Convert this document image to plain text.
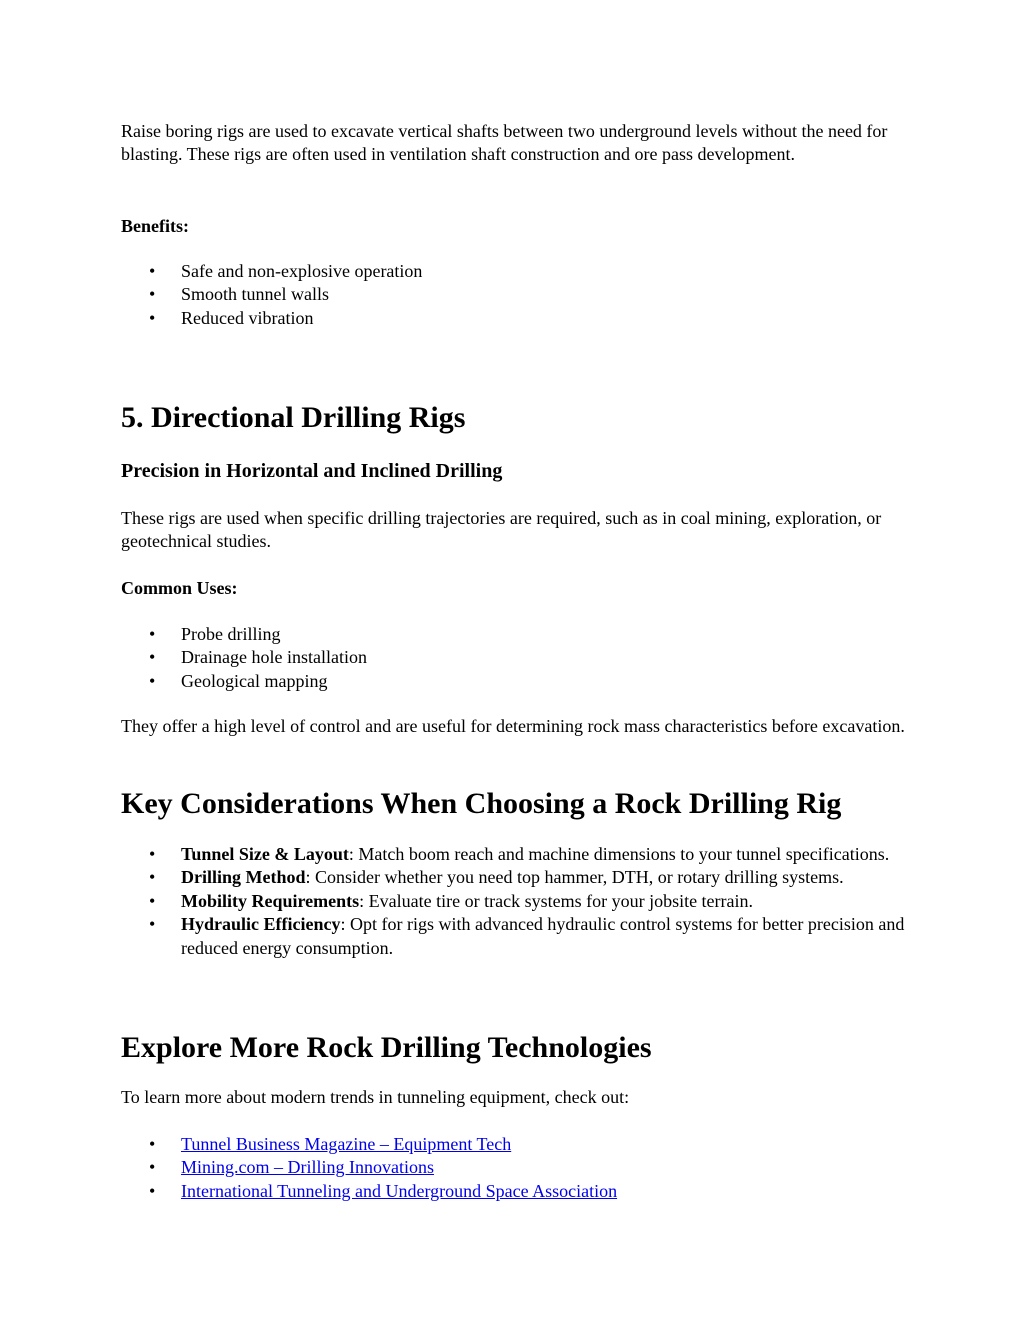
Raise boring rigs are used to excavate vertical shafts between two underground levels without the need for blasting. These rigs are often used in ventilation shaft construction and ore pass development.

Benefits:

• Safe and non-explosive operation
• Smooth tunnel walls
• Reduced vibration
5. Directional Drilling Rigs
Precision in Horizontal and Inclined Drilling

These rigs are used when specific drilling trajectories are required, such as in coal mining, exploration, or geotechnical studies.

Common Uses:

• Probe drilling
• Drainage hole installation
• Geological mapping

They offer a high level of control and are useful for determining rock mass characteristics before excavation.

Key Considerations When Choosing a Rock Drilling Rig
• Tunnel Size & Layout: Match boom reach and machine dimensions to your tunnel specifications.
• Drilling Method: Consider whether you need top hammer, DTH, or rotary drilling systems.
• Mobility Requirements: Evaluate tire or track systems for your jobsite terrain.
• Hydraulic Efficiency: Opt for rigs with advanced hydraulic control systems for better precision and reduced energy consumption.
Explore More Rock Drilling Technologies

To learn more about modern trends in tunneling equipment, check out:

• Tunnel Business Magazine – Equipment Tech
• Mining.com – Drilling Innovations
• International Tunneling and Underground Space Association
